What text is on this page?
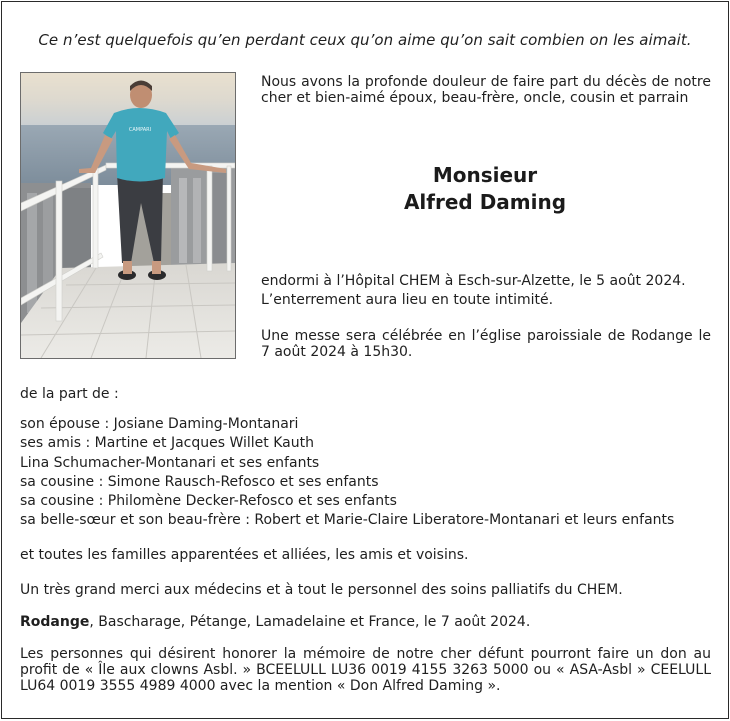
Ce n’est quelquefois qu’en perdant ceux qu’on aime qu’on sait combien on les aimait.
CAMPARI
Nous avons la profonde douleur de faire part du décès de notre cher et bien-aimé époux, beau-frère, oncle, cousin et parrain
Monsieur
Alfred Daming
endormi à l’Hôpital CHEM à Esch-sur-Alzette, le 5 août 2024.
L’enterrement aura lieu en toute intimité.
Une messe sera célébrée en l’église paroissiale de Rodange le 7 août 2024 à 15h30.
de la part de :
son épouse : Josiane Daming-Montanari
ses amis : Martine et Jacques Willet Kauth
Lina Schumacher-Montanari et ses enfants
sa cousine : Simone Rausch-Refosco et ses enfants
sa cousine : Philomène Decker-Refosco et ses enfants
sa belle-sœur et son beau-frère : Robert et Marie-Claire Liberatore-Montanari et leurs enfants
et toutes les familles apparentées et alliées, les amis et voisins.
Un très grand merci aux médecins et à tout le personnel des soins palliatifs du CHEM.
Rodange, Bascharage, Pétange, Lamadelaine et France, le 7 août 2024.
Les personnes qui désirent honorer la mémoire de notre cher défunt pourront faire un don au profit de « Île aux clowns Asbl. » BCEELULL LU36 0019 4155 3263 5000 ou « ASA-Asbl » CEELULL LU64 0019 3555 4989 4000 avec la mention « Don Alfred Daming ».
